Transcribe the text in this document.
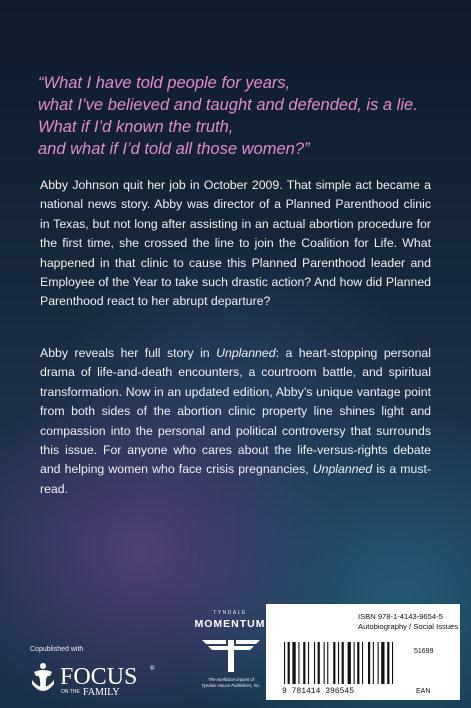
“What I have told people for years,
what I’ve believed and taught and defended, is a lie.
What if I’d known the truth,
and what if I’d told all those women?”

Abby Johnson quit her job in October 2009. That simple act became a national news story. Abby was director of a Planned Parenthood clinic in Texas, but not long after assisting in an actual abortion procedure for the first time, she crossed the line to join the Coalition for Life. What happened in that clinic to cause this Planned Parenthood leader and Employee of the Year to take such drastic action? And how did Planned Parenthood react to her abrupt departure?

Abby reveals her full story in Unplanned: a heart-stopping personal drama of life-and-death encounters, a courtroom battle, and spiritual transformation. Now in an updated edition, Abby’s unique vantage point from both sides of the abortion clinic property line shines light and compassion into the personal and political controversy that surrounds this issue. For anyone who cares about the life-versus-rights debate and helping women who face crisis pregnancies, Unplanned is a must-read.

Copublished with
FOCUS
ON THE FAMILY
®
TYNDALE
MOMENTUM
The nonfiction imprint of
Tyndale House Publishers, Inc.
ISBN 978-1-4143-9654-5
Autobiography / Social Issues
51699
9 781414 396545	EAN
